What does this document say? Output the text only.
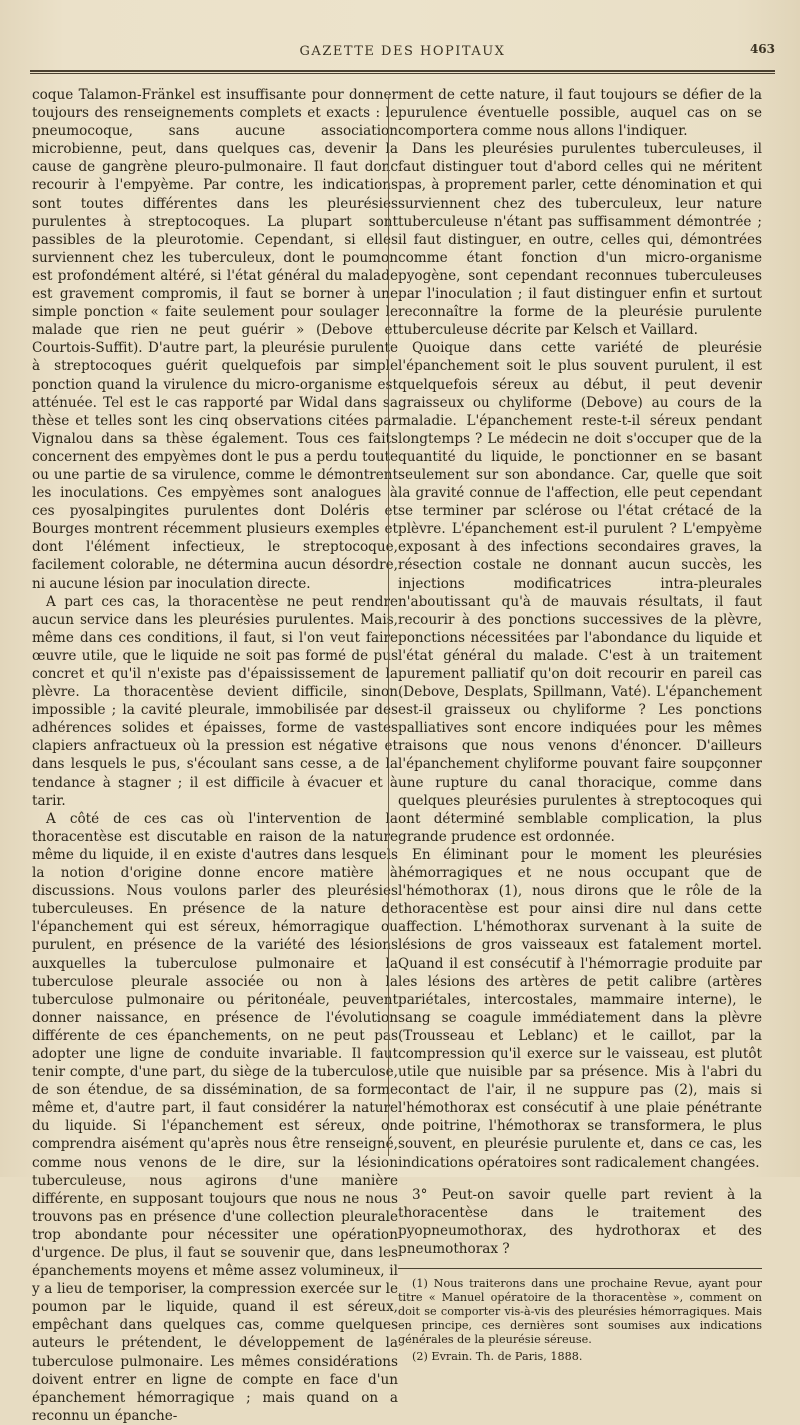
GAZETTE DES HOPITAUX	463

coque Talamon-Fränkel est insuffisante pour donner toujours des renseignements complets et exacts : le pneumocoque, sans aucune association microbienne, peut, dans quelques cas, devenir la cause de gangrène pleuro-pulmonaire. Il faut donc recourir à l'empyème. Par contre, les indications sont toutes différentes dans les pleurésies purulentes à streptocoques. La plupart sont passibles de la pleurotomie. Cependant, si elles surviennent chez les tuberculeux, dont le poumon est profondément altéré, si l'état général du malade est gravement compromis, il faut se borner à une simple ponction « faite seulement pour soulager le malade que rien ne peut guérir » (Debove et Courtois-Suffit). D'autre part, la pleurésie purulente à streptocoques guérit quelquefois par simple ponction quand la virulence du micro-organisme est atténuée. Tel est le cas rapporté par Widal dans sa thèse et telles sont les cinq observations citées par Vignalou dans sa thèse également. Tous ces faits concernent des empyèmes dont le pus a perdu toute ou une partie de sa virulence, comme le démontrent les inoculations. Ces empyèmes sont analogues à ces pyosalpingites purulentes dont Doléris et Bourges montrent récemment plusieurs exemples et dont l'élément infectieux, le streptocoque, facilement colorable, ne détermina aucun désordre, ni aucune lésion par inoculation directe.

A part ces cas, la thoracentèse ne peut rendre aucun service dans les pleurésies purulentes. Mais, même dans ces conditions, il faut, si l'on veut faire œuvre utile, que le liquide ne soit pas formé de pus concret et qu'il n'existe pas d'épaississement de la plèvre. La thoracentèse devient difficile, sinon impossible ; la cavité pleurale, immobilisée par des adhérences solides et épaisses, forme de vastes clapiers anfractueux où la pression est négative et dans lesquels le pus, s'écoulant sans cesse, a de la tendance à stagner ; il est difficile à évacuer et à tarir.

A côté de ces cas où l'intervention de la thoracentèse est discutable en raison de la nature même du liquide, il en existe d'autres dans lesquels la notion d'origine donne encore matière à discussions. Nous voulons parler des pleurésies tuberculeuses. En présence de la nature de l'épanchement qui est séreux, hémorragique ou purulent, en présence de la variété des lésions auxquelles la tuberculose pulmonaire et la tuberculose pleurale associée ou non à la tuberculose pulmonaire ou péritonéale, peuvent donner naissance, en présence de l'évolution différente de ces épanchements, on ne peut pas adopter une ligne de conduite invariable. Il faut tenir compte, d'une part, du siège de la tuberculose, de son étendue, de sa dissémination, de sa forme même et, d'autre part, il faut considérer la nature du liquide. Si l'épanchement est séreux, on comprendra aisément qu'après nous être renseigné, comme nous venons de le dire, sur la lésion tuberculeuse, nous agirons d'une manière différente, en supposant toujours que nous ne nous trouvons pas en présence d'une collection pleurale trop abondante pour nécessiter une opération d'urgence. De plus, il faut se souvenir que, dans les épanchements moyens et même assez volumineux, il y a lieu de temporiser, la compression exercée sur le poumon par le liquide, quand il est séreux, empêchant dans quelques cas, comme quelques auteurs le prétendent, le développement de la tuberculose pulmonaire. Les mêmes considérations doivent entrer en ligne de compte en face d'un épanchement hémorragique ; mais quand on a reconnu un épanche-

ment de cette nature, il faut toujours se défier de la purulence éventuelle possible, auquel cas on se comportera comme nous allons l'indiquer.

Dans les pleurésies purulentes tuberculeuses, il faut distinguer tout d'abord celles qui ne méritent pas, à proprement parler, cette dénomination et qui surviennent chez des tuberculeux, leur nature tuberculeuse n'étant pas suffisamment démontrée ; il faut distinguer, en outre, celles qui, démontrées comme étant fonction d'un micro-organisme pyogène, sont cependant reconnues tuberculeuses par l'inoculation ; il faut distinguer enfin et surtout reconnaître la forme de la pleurésie purulente tuberculeuse décrite par Kelsch et Vaillard.

Quoique dans cette variété de pleurésie l'épanchement soit le plus souvent purulent, il est quelquefois séreux au début, il peut devenir graisseux ou chyliforme (Debove) au cours de la maladie. L'épanchement reste-t-il séreux pendant longtemps ? Le médecin ne doit s'occuper que de la quantité du liquide, le ponctionner en se basant seulement sur son abondance. Car, quelle que soit la gravité connue de l'affection, elle peut cependant se terminer par sclérose ou l'état crétacé de la plèvre. L'épanchement est-il purulent ? L'empyème exposant à des infections secondaires graves, la résection costale ne donnant aucun succès, les injections modificatrices intra-pleurales n'aboutissant qu'à de mauvais résultats, il faut recourir à des ponctions successives de la plèvre, ponctions nécessitées par l'abondance du liquide et l'état général du malade. C'est à un traitement purement palliatif qu'on doit recourir en pareil cas (Debove, Desplats, Spillmann, Vaté). L'épanchement est-il graisseux ou chyliforme ? Les ponctions palliatives sont encore indiquées pour les mêmes raisons que nous venons d'énoncer. D'ailleurs l'épanchement chyliforme pouvant faire soupçonner une rupture du canal thoracique, comme dans quelques pleurésies purulentes à streptocoques qui ont déterminé semblable complication, la plus grande prudence est ordonnée.

En éliminant pour le moment les pleurésies hémorragiques et ne nous occupant que de l'hémothorax (1), nous dirons que le rôle de la thoracentèse est pour ainsi dire nul dans cette affection. L'hémothorax survenant à la suite de lésions de gros vaisseaux est fatalement mortel. Quand il est consécutif à l'hémorragie produite par les lésions des artères de petit calibre (artères pariétales, intercostales, mammaire interne), le sang se coagule immédiatement dans la plèvre (Trousseau et Leblanc) et le caillot, par la compression qu'il exerce sur le vaisseau, est plutôt utile que nuisible par sa présence. Mis à l'abri du contact de l'air, il ne suppure pas (2), mais si l'hémothorax est consécutif à une plaie pénétrante de poitrine, l'hémothorax se transformera, le plus souvent, en pleurésie purulente et, dans ce cas, les indications opératoires sont radicalement changées.

3° Peut-on savoir quelle part revient à la thoracentèse dans le traitement des pyopneumothorax, des hydrothorax et des pneumothorax ?

(1) Nous traiterons dans une prochaine Revue, ayant pour titre « Manuel opératoire de la thoracentèse », comment on doit se comporter vis-à-vis des pleurésies hémorragiques. Mais en principe, ces dernières sont soumises aux indications générales de la pleurésie séreuse.

(2) Evrain. Th. de Paris, 1888.
